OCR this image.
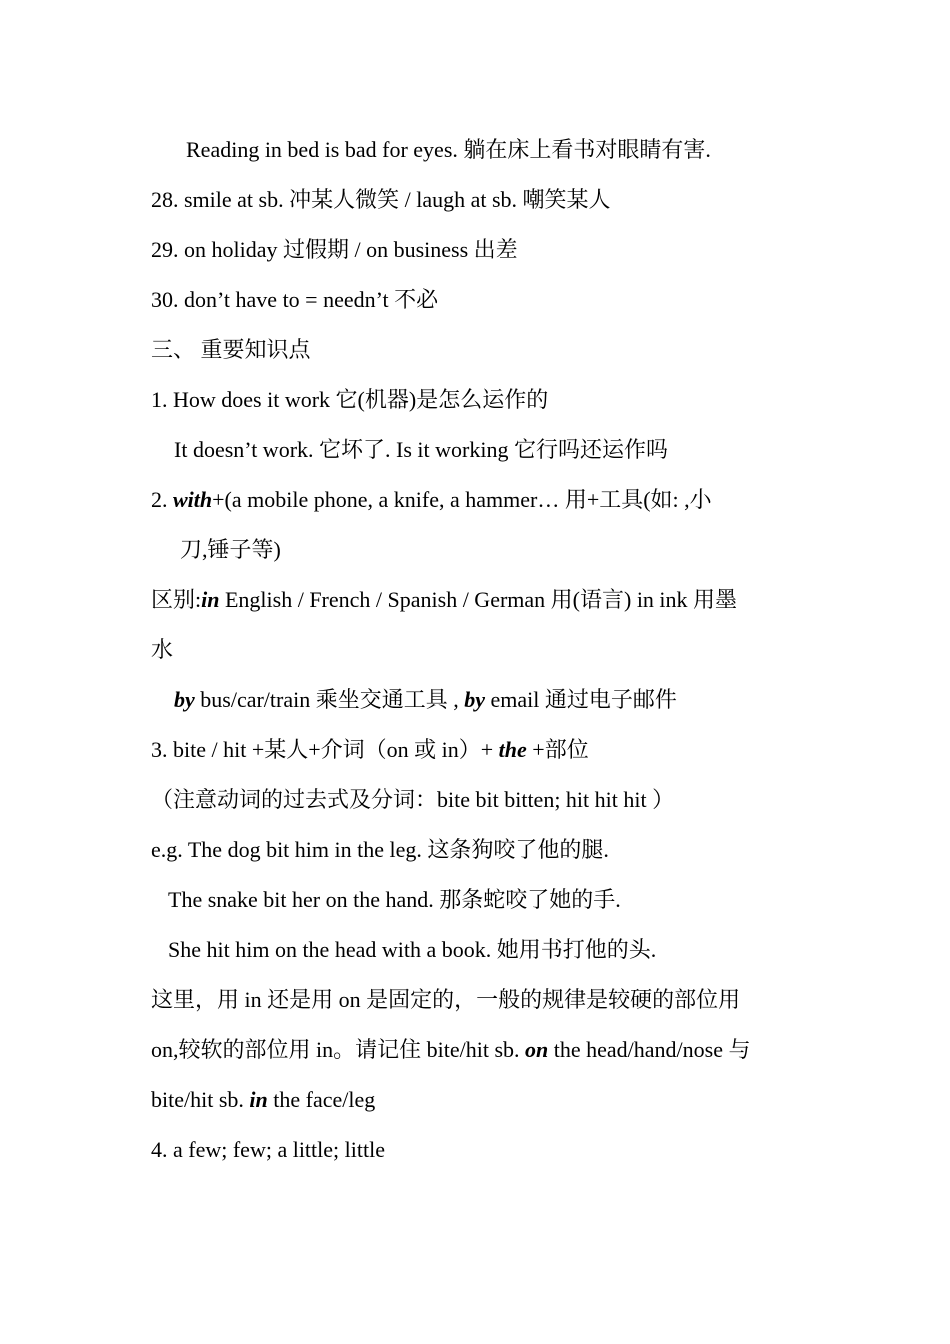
Reading in bed is bad for eyes. 躺在床上看书对眼睛有害.
28. smile at sb. 冲某人微笑 / laugh at sb. 嘲笑某人
29. on holiday 过假期 / on business 出差
30. don’t have to = needn’t 不必
三、 重要知识点
1. How does it work 它(机器)是怎么运作的
It doesn’t work. 它坏了. Is it working 它行吗还运作吗
2. with+(a mobile phone, a knife, a hammer… 用+工具(如: ,小
刀,锤子等)
区别:in English / French / Spanish / German 用(语言) in ink 用墨
水
by bus/car/train 乘坐交通工具 , by email 通过电子邮件
3. bite / hit +某人+介词（on 或 in）+ the +部位
（注意动词的过去式及分词：bite bit bitten; hit hit hit ）
e.g. The dog bit him in the leg. 这条狗咬了他的腿.
The snake bit her on the hand. 那条蛇咬了她的手.
She hit him on the head with a book. 她用书打他的头.
这里，用 in 还是用 on 是固定的，一般的规律是较硬的部位用
on,较软的部位用 in。请记住 bite/hit sb. on the head/hand/nose 与
bite/hit sb. in the face/leg
4. a few; few; a little; little
